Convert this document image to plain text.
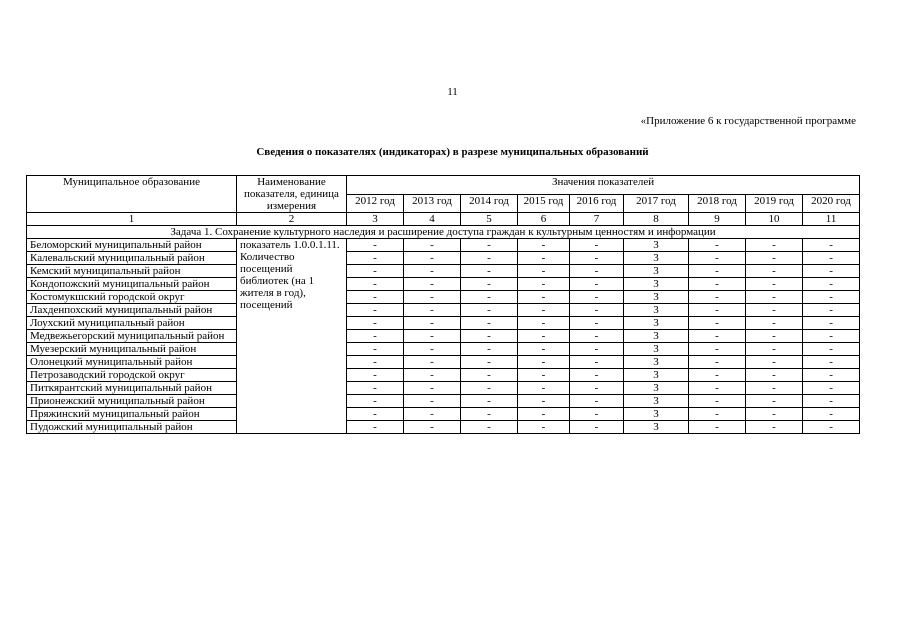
11
«Приложение 6 к государственной программе
Сведения о показателях (индикаторах) в разрезе муниципальных образований
Муниципальное образование	Наименование показателя, единица измерения	Значения показателей								
		2012 год	2013 год	2014 год	2015 год	2016 год	2017 год	2018 год	2019 год	2020 год
1	2	3	4	5	6	7	8	9	10	11
Задача 1. Сохранение культурного наследия и расширение доступа граждан к культурным ценностям и информации										
Беломорский муниципальный район	показатель 1.0.0.1.11. Количество посещений библиотек (на 1 жителя в год), посещений	-	-	-	-	-	3	-	-	-
Калевальский муниципальный район		-	-	-	-	-	3	-	-	-
Кемский муниципальный район		-	-	-	-	-	3	-	-	-
Кондопожский муниципальный район		-	-	-	-	-	3	-	-	-
Костомукшский городской округ		-	-	-	-	-	3	-	-	-
Лахденпохский муниципальный район		-	-	-	-	-	3	-	-	-
Лоухский муниципальный район		-	-	-	-	-	3	-	-	-
Медвежьегорский муниципальный район		-	-	-	-	-	3	-	-	-
Муезерский муниципальный район		-	-	-	-	-	3	-	-	-
Олонецкий муниципальный район		-	-	-	-	-	3	-	-	-
Петрозаводский городской округ		-	-	-	-	-	3	-	-	-
Питкярантский муниципальный район		-	-	-	-	-	3	-	-	-
Прионежский муниципальный район		-	-	-	-	-	3	-	-	-
Пряжинский муниципальный район		-	-	-	-	-	3	-	-	-
Пудожский муниципальный район		-	-	-	-	-	3	-	-	-
